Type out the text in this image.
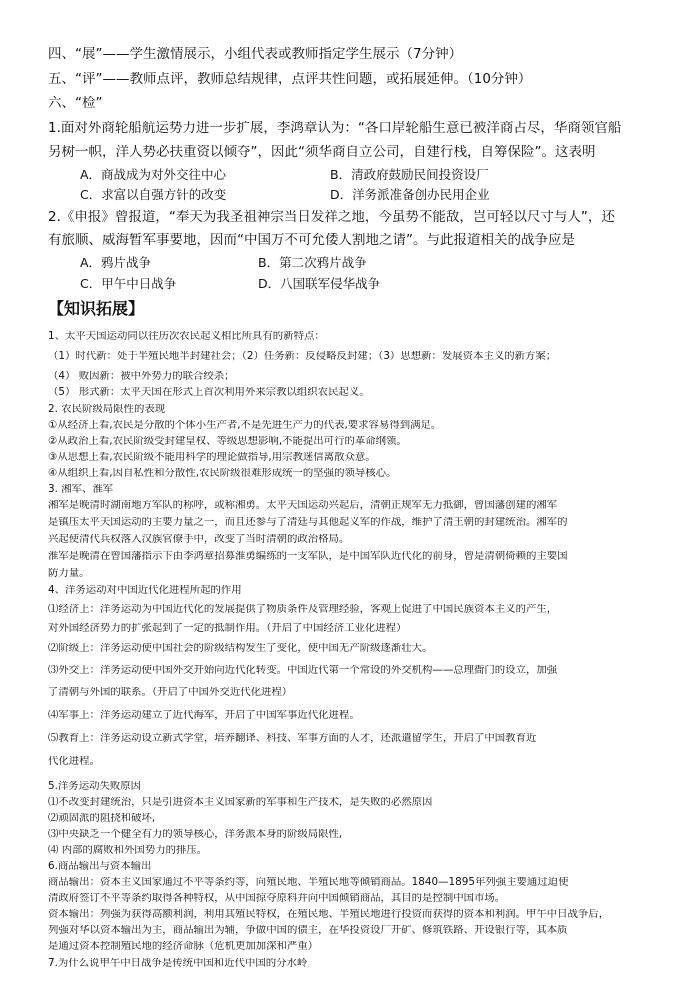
四、“展”——学生激情展示，小组代表或教师指定学生展示（7分钟）
五、“评”——教师点评，教师总结规律，点评共性问题，或拓展延伸。（10分钟）
六、“检”
1.面对外商轮船航运势力进一步扩展，李鸿章认为：“各口岸轮船生意已被洋商占尽，华商领官船
另树一帜，洋人势必扶重资以倾夺”，因此“须华商自立公司，自建行栈，自筹保险”。这表明
A．商战成为对外交往中心	B．清政府鼓励民间投资设厂
C．求富以自强方针的改变	D．洋务派准备创办民用企业
2.《申报》曾报道，“奉天为我圣祖神宗当日发祥之地，今虽势不能敌，岂可轻以尺寸与人”，还
有旅顺、威海暂军事要地，因而“中国万不可允倭人割地之请”。与此报道相关的战争应是
A．鸦片战争	B．第二次鸦片战争
C．甲午中日战争	D．八国联军侵华战争
【知识拓展】
1、太平天国运动同以往历次农民起义相比所具有的新特点：
（1）时代新：处于半殖民地半封建社会；（2）任务新：反侵略反封建；（3）思想新：发展资本主义的新方案；
（4） 败因新：被中外势力的联合绞杀；
（5） 形式新：太平天国在形式上首次利用外来宗教以组织农民起义。
2. 农民阶级局限性的表现
①从经济上看,农民是分散的个体小生产者,不是先进生产力的代表,要求容易得到满足。
②从政治上看,农民阶级受封建皇权、等级思想影响,不能提出可行的革命纲领。
③从思想上看,农民阶级不能用科学的理论做指导,用宗教迷信离散众意。
④从组织上看,因自私性和分散性,农民阶级很难形成统一的坚强的领导核心。
3. 湘军、淮军
湘军是晚清时湖南地方军队的称呼，或称湘勇。太平天国运动兴起后，清朝正规军无力抵御，曾国藩创建的湘军
是镇压太平天国运动的主要力量之一，而且还参与了清廷与其他起义军的作战，维护了清王朝的封建统治。湘军的
兴起使清代兵权落入汉族官僚手中，改变了当时清朝的政治格局。
淮军是晚清在曾国藩指示下由李鸿章招募淮勇编练的一支军队，是中国军队近代化的前身，曾是清朝倚赖的主要国
防力量。
4、洋务运动对中国近代化进程所起的作用
⑴经济上：洋务运动为中国近代化的发展提供了物质条件及管理经验，客观上促进了中国民族资本主义的产生，
对外国经济势力的扩张起到了一定的抵制作用。（开启了中国经济工业化进程）
⑵阶级上：洋务运动使中国社会的阶级结构发生了变化，使中国无产阶级逐渐壮大。
⑶外交上：洋务运动使中国外交开始向近代化转变。中国近代第一个常设的外交机构——总理衙门的设立，加强
了清朝与外国的联系。（开启了中国外交近代化进程）
⑷军事上：洋务运动建立了近代海军，开启了中国军事近代化进程。
⑸教育上：洋务运动设立新式学堂，培养翻译、科技、军事方面的人才，还派遣留学生，开启了中国教育近
代化进程。
5.洋务运动失败原因
⑴不改变封建统治，只是引进资本主义国家新的军事和生产技术，是失败的必然原因
⑵顽固派的阻挠和破坏,
⑶中央缺乏一个健全有力的领导核心，洋务派本身的阶级局限性,
⑷ 内部的腐败和外国势力的排压。
6.商品输出与资本输出
商品输出：资本主义国家通过不平等条约等，向殖民地、半殖民地等倾销商品。1840—1895年列强主要通过迫使
清政府签订不平等条约取得各种特权，从中国掠夺原料并向中国倾销商品，其目的是控制中国市场。
资本输出：列强为获得高额利润，利用其殖民特权，在殖民地、半殖民地进行投资而获得的资本和利润。甲午中日战争后，
列强对华以资本输出为主，商品输出为辅，争做中国的债主，在华投资设厂开矿、修筑铁路、开设银行等，其本质
是通过资本控制殖民地的经济命脉（危机更加加深和严重）
7.为什么说甲午中日战争是传统中国和近代中国的分水岭
